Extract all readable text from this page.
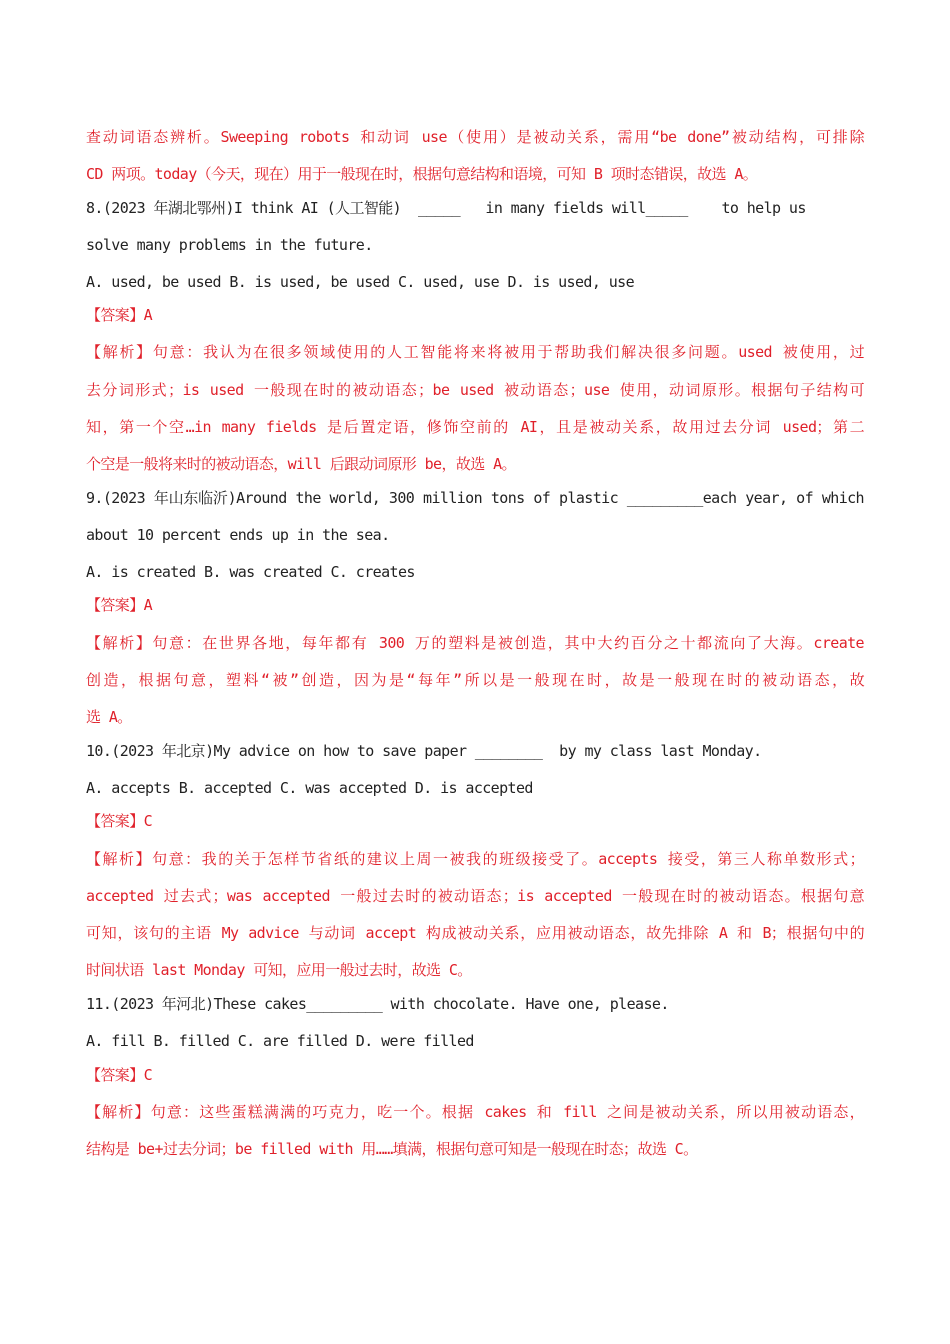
查动词语态辨析。Sweeping robots 和动词 use（使用）是被动关系，需用“be done”被动结构，可排除
CD 两项。today（今天，现在）用于一般现在时，根据句意结构和语境，可知 B 项时态错误，故选 A。
8.(2023 年湖北鄂州)I think AI (人工智能)  _____   in many fields will_____    to help us
solve many problems in the future.
A. used, be used B. is used, be used C. used, use D. is used, use
【答案】A
【解析】句意：我认为在很多领域使用的人工智能将来将被用于帮助我们解决很多问题。used 被使用，过
去分词形式；is used 一般现在时的被动语态；be used 被动语态；use 使用，动词原形。根据句子结构可
知，第一个空…in many fields 是后置定语，修饰空前的 AI，且是被动关系，故用过去分词 used；第二
个空是一般将来时的被动语态，will 后跟动词原形 be，故选 A。
9.(2023 年山东临沂)Around the world, 300 million tons of plastic _________each year, of which
about 10 percent ends up in the sea.
A. is created B. was created C. creates
【答案】A
【解析】句意：在世界各地，每年都有 300 万的塑料是被创造，其中大约百分之十都流向了大海。create
创造，根据句意，塑料“被”创造，因为是“每年”所以是一般现在时，故是一般现在时的被动语态，故
选 A。
10.(2023 年北京)My advice on how to save paper ________  by my class last Monday.
A. accepts B. accepted C. was accepted D. is accepted
【答案】C
【解析】句意：我的关于怎样节省纸的建议上周一被我的班级接受了。accepts 接受，第三人称单数形式；
accepted 过去式；was accepted 一般过去时的被动语态；is accepted 一般现在时的被动语态。根据句意
可知，该句的主语 My advice 与动词 accept 构成被动关系，应用被动语态，故先排除 A 和 B；根据句中的
时间状语 last Monday 可知，应用一般过去时，故选 C。
11.(2023 年河北)These cakes_________ with chocolate. Have one, please.
A. fill B. filled C. are filled D. were filled
【答案】C
【解析】句意：这些蛋糕满满的巧克力，吃一个。根据 cakes 和 fill 之间是被动关系，所以用被动语态，
结构是 be+过去分词；be filled with 用……填满，根据句意可知是一般现在时态；故选 C。
